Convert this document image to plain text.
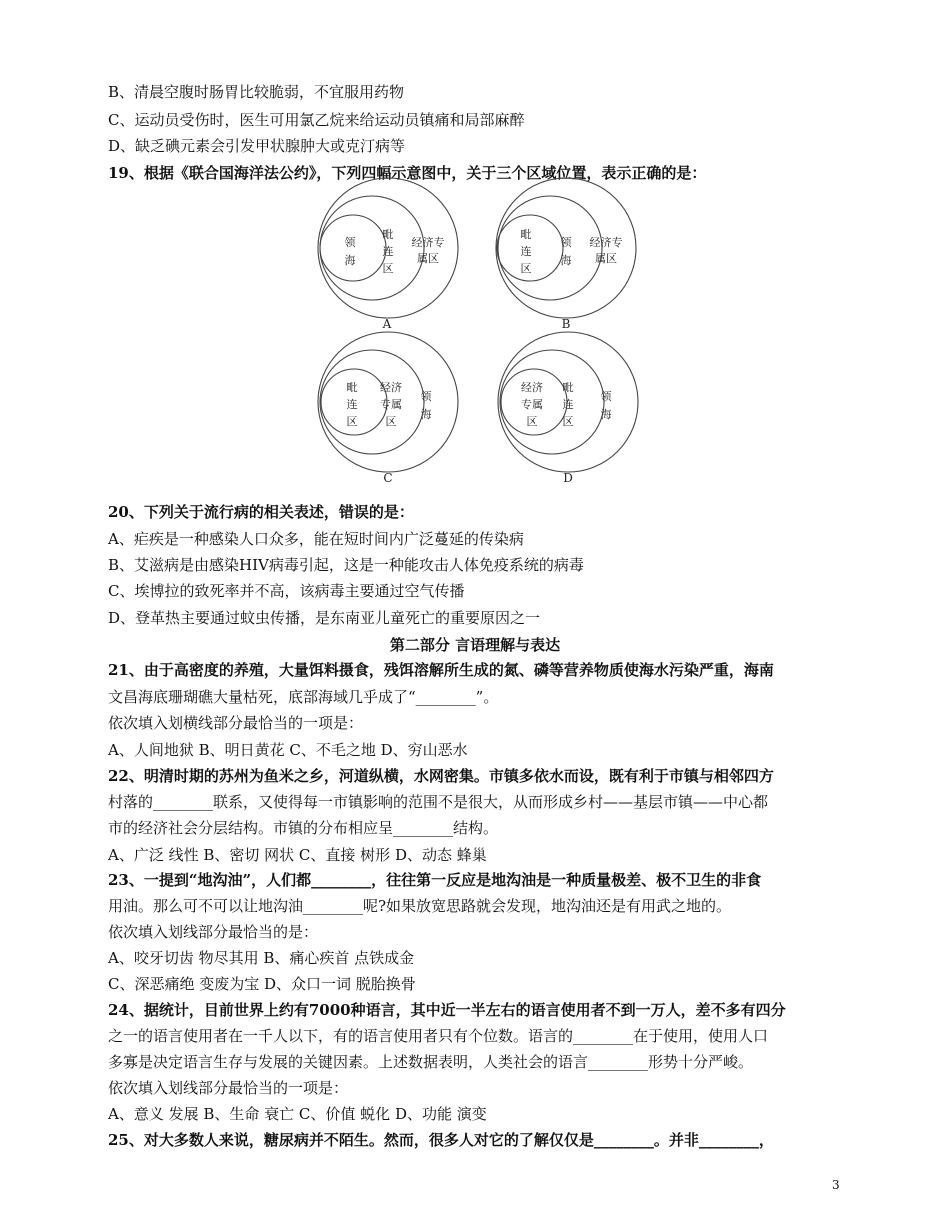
B、清晨空腹时肠胃比较脆弱，不宜服用药物
C、运动员受伤时，医生可用氯乙烷来给运动员镇痛和局部麻醉
D、缺乏碘元素会引发甲状腺肿大或克汀病等
19、根据《联合国海洋法公约》，下列四幅示意图中，关于三个区域位置，表示正确的是：
领
海
毗
连
区
经济专
属区
A
毗
连
区
领
海
经济专
属区
B
毗
连
区
经济
专属
区
领
海
C
经济
专属
区
毗
连
区
领
海
D
20、下列关于流行病的相关表述，错误的是：
A、疟疾是一种感染人口众多，能在短时间内广泛蔓延的传染病
B、艾滋病是由感染HIV病毒引起，这是一种能攻击人体免疫系统的病毒
C、埃博拉的致死率并不高，该病毒主要通过空气传播
D、登革热主要通过蚊虫传播，是东南亚儿童死亡的重要原因之一
第二部分 言语理解与表达
21、由于高密度的养殖，大量饵料摄食，残饵溶解所生成的氮、磷等营养物质使海水污染严重，海南
文昌海底珊瑚礁大量枯死，底部海域几乎成了“________”。
依次填入划横线部分最恰当的一项是：
A、人间地狱 B、明日黄花 C、不毛之地 D、穷山恶水
22、明清时期的苏州为鱼米之乡，河道纵横，水网密集。市镇多依水而设，既有利于市镇与相邻四方
村落的________联系，又使得每一市镇影响的范围不是很大，从而形成乡村——基层市镇——中心都
市的经济社会分层结构。市镇的分布相应呈________结构。
A、广泛 线性 B、密切 网状 C、直接 树形 D、动态 蜂巢
23、一提到“地沟油”，人们都________，往往第一反应是地沟油是一种质量极差、极不卫生的非食
用油。那么可不可以让地沟油________呢?如果放宽思路就会发现，地沟油还是有用武之地的。
依次填入划线部分最恰当的是：
A、咬牙切齿 物尽其用 B、痛心疾首 点铁成金
C、深恶痛绝 变废为宝 D、众口一词 脱胎换骨
24、据统计，目前世界上约有7000种语言，其中近一半左右的语言使用者不到一万人，差不多有四分
之一的语言使用者在一千人以下，有的语言使用者只有个位数。语言的________在于使用，使用人口
多寡是决定语言生存与发展的关键因素。上述数据表明，人类社会的语言________形势十分严峻。
依次填入划线部分最恰当的一项是：
A、意义 发展 B、生命 衰亡 C、价值 蜕化 D、功能 演变
25、对大多数人来说，糖尿病并不陌生。然而，很多人对它的了解仅仅是________。并非________，
3
